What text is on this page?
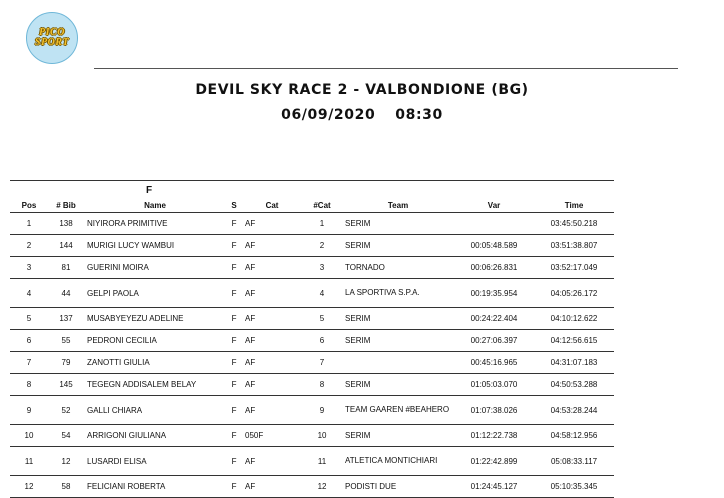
PICO
SPORT
DEVIL SKY RACE 2 - VALBONDIONE (BG)
06/09/2020 08:30
F								
Pos	# Bib	Name	S	Cat	#Cat	Team	Var	Time
1	138	NIYIRORA PRIMITIVE	F	AF	1	SERIM		03:45:50.218
2	144	MURIGI LUCY WAMBUI	F	AF	2	SERIM	00:05:48.589	03:51:38.807
3	81	GUERINI MOIRA	F	AF	3	TORNADO	00:06:26.831	03:52:17.049
4	44	GELPI PAOLA	F	AF	4	LA SPORTIVA S.P.A.	00:19:35.954	04:05:26.172
5	137	MUSABYEYEZU ADELINE	F	AF	5	SERIM	00:24:22.404	04:10:12.622
6	55	PEDRONI CECILIA	F	AF	6	SERIM	00:27:06.397	04:12:56.615
7	79	ZANOTTI GIULIA	F	AF	7		00:45:16.965	04:31:07.183
8	145	TEGEGN ADDISALEM BELAY	F	AF	8	SERIM	01:05:03.070	04:50:53.288
9	52	GALLI CHIARA	F	AF	9	TEAM GAAREN #BEAHERO	01:07:38.026	04:53:28.244
10	54	ARRIGONI GIULIANA	F	050F	10	SERIM	01:12:22.738	04:58:12.956
11	12	LUSARDI ELISA	F	AF	11	ATLETICA MONTICHIARI	01:22:42.899	05:08:33.117
12	58	FELICIANI ROBERTA	F	AF	12	PODISTI DUE	01:24:45.127	05:10:35.345
